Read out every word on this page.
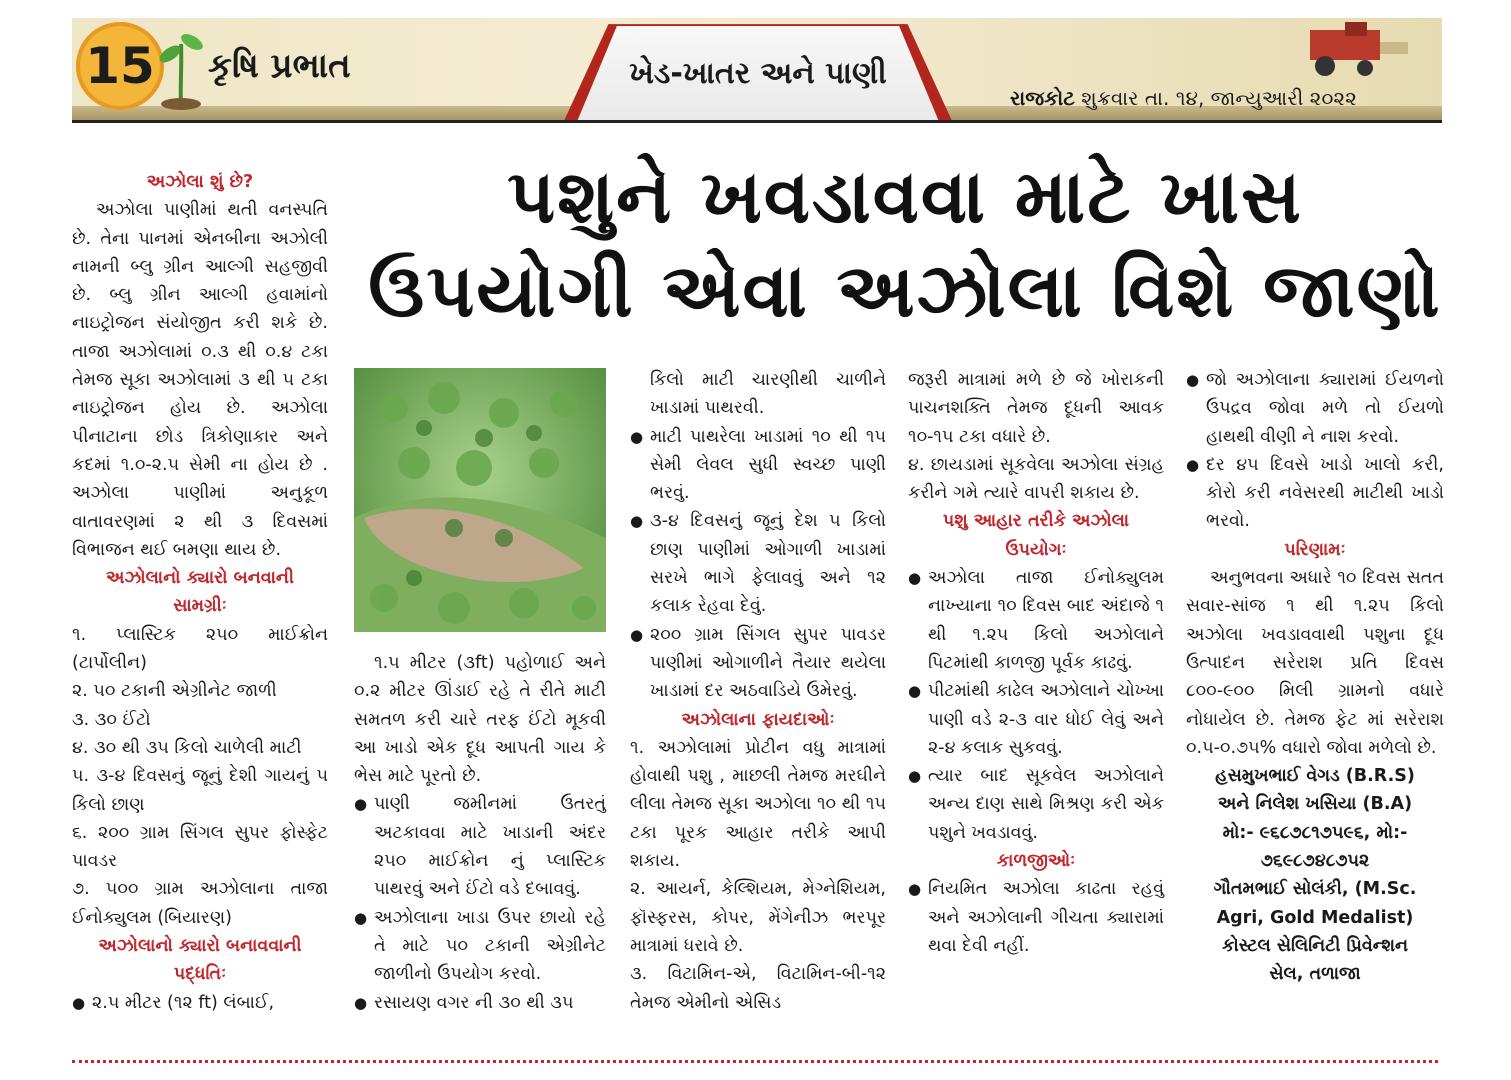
15 કૃષિ પ્રભાત	ખેડ-ખાતર અને પાણી
રાજકોટ શુક્રવાર તા. ૧૪, જાન્યુઆરી ૨૦૨૨
પશુને ખવડાવવા માટે ખાસ
ઉપયોગી એવા અઝોલા વિશે જાણો

અઝોલા શું છે?

અઝોલા પાણીમાં થતી વનસ્પતિ છે. તેના પાનમાં એનબીના અઝોલી નામની બ્લુ ગ્રીન આલ્ગી સહજીવી છે. બ્લુ ગ્રીન આલ્ગી હવામાંનો નાઇટ્રોજન સંયોજીત કરી શકે છે. તાજા અઝોલામાં ૦.૩ થી ૦.૪ ટકા તેમજ સૂકા અઝોલામાં ૩ થી ૫ ટકા નાઇટ્રોજન હોય છે. અઝોલા પીનાટાના છોડ ત્રિકોણાકાર અને કદમાં ૧.૦-૨.૫ સેમી ના હોય છે . અઝોલા પાણીમાં અનુકૂળ વાતાવરણમાં ૨ થી ૩ દિવસમાં વિભાજન થઈ બમણા થાય છે.

અઝોલાનો ક્યારો બનવાની

સામગ્રીઃ

૧. પ્લાસ્ટિક ૨૫૦ માઈક્રોન (ટાર્પોલીન)

૨. ૫૦ ટકાની એગ્રીનેટ જાળી

૩. ૩૦ ઈંટો

૪. ૩૦ થી ૩૫ કિલો ચાળેલી માટી

૫. ૩-૪ દિવસનું જૂનું દેશી ગાયનું ૫ કિલો છાણ

૬. ૨૦૦ ગ્રામ સિંગલ સુપર ફોસ્ફેટ પાવડર

૭. ૫૦૦ ગ્રામ અઝોલાના તાજા ઈનોક્યુલમ (બિયારણ)

અઝોલાનો ક્યારો બનાવવાની

પદ્ધતિઃ

● ૨.૫ મીટર (૧૨ ft) લંબાઈ,

૧.૫ મીટર (૩ft) પહોળાઈ અને ૦.૨ મીટર ઊંડાઈ રહે તે રીતે માટી સમતળ કરી ચારે તરફ ઈંટો મૂકવી આ ખાડો એક દૂધ આપતી ગાય કે ભેસ માટે પૂરતો છે.

● પાણી જમીનમાં ઉતરતું અટકાવવા માટે ખાડાની અંદર ૨૫૦ માઈક્રોન નું પ્લાસ્ટિક પાથરવું અને ઈંટો વડે દબાવવું.

● અઝોલાના ખાડા ઉપર છાયો રહે તે માટે ૫૦ ટકાની એગ્રીનેટ જાળીનો ઉપયોગ કરવો.

● રસાયણ વગર ની ૩૦ થી ૩૫

કિલો માટી ચારણીથી ચાળીને ખાડામાં પાથરવી.

● માટી પાથરેલા ખાડામાં ૧૦ થી ૧૫ સેમી લેવલ સુધી સ્વચ્છ પાણી ભરવું.

● ૩-૪ દિવસનું જૂનું દેશ ૫ કિલો છાણ પાણીમાં ઓગાળી ખાડામાં સરખે ભાગે ફેલાવવું અને ૧૨ કલાક રેહવા દેવું.

● ૨૦૦ ગ્રામ સિંગલ સુપર પાવડર પાણીમાં ઓગાળીને તૈયાર થયેલા ખાડામાં દર અઠવાડિયે ઉમેરવું.

અઝોલાના ફાયદાઓઃ

૧. અઝોલામાં પ્રોટીન વધુ માત્રામાં હોવાથી પશુ , માછલી તેમજ મરઘીને લીલા તેમજ સૂકા અઝોલા ૧૦ થી ૧૫ ટકા પૂરક આહાર તરીકે આપી શકાય.

૨. આયર્ન, કેલ્શિયમ, મેગ્નેશિયમ, ફૉસ્ફરસ, કોપર, મેંગેનીઝ ભરપૂર માત્રામાં ધરાવે છે.

૩. વિટામિન-એ, વિટામિન-બી-૧૨ તેમજ એમીનો એસિડ

જરૂરી માત્રામાં મળે છે જે ખોરાકની પાચનશક્તિ તેમજ દૂધની આવક ૧૦-૧૫ ટકા વધારે છે.

૪. છાયડામાં સૂકવેલા અઝોલા સંગ્રહ કરીને ગમે ત્યારે વાપરી શકાય છે.

પશુ આહાર તરીકે અઝોલા

ઉપયોગઃ

● અઝોલા તાજા ઈનોક્યુલમ નાખ્યાના ૧૦ દિવસ બાદ અંદાજે ૧ થી ૧.૨૫ કિલો અઝોલાને પિટમાંથી કાળજી પૂર્વક કાઢવું.

● પીટમાંથી કાઢેલ અઝોલાને ચોખ્ખા પાણી વડે ૨-૩ વાર ધોઈ લેવું અને ૨-૪ કલાક સુકવવું.

● ત્યાર બાદ સૂકવેલ અઝોલાને અન્ય દાણ સાથે મિશ્રણ કરી એક પશુને ખવડાવવું.

કાળજીઓઃ

● નિયમિત અઝોલા કાઢતા રહવું અને અઝોલાની ગીચતા ક્યારામાં થવા દેવી નહીં.

● જો અઝોલાના ક્યારામાં ઈયળનો ઉપદ્રવ જોવા મળે તો ઈયળો હાથથી વીણી ને નાશ કરવો.

● દર ૪૫ દિવસે ખાડો ખાલો કરી, કોરો કરી નવેસરથી માટીથી ખાડો ભરવો.

પરિણામઃ

અનુભવના અધારે ૧૦ દિવસ સતત સવાર-સાંજ ૧ થી ૧.૨૫ કિલો અઝોલા ખવડાવવાથી પશુના દૂધ ઉત્પાદન સરેરાશ પ્રતિ દિવસ ૮૦૦-૯૦૦ મિલી ગ્રામનો વધારે નોધાયેલ છે. તેમજ ફેટ માં સરેરાશ ૦.૫-૦.૭૫% વધારો જોવા મળેલો છે.

હસમુખભાઈ વેગડ (B.R.S)

અને નિલેશ ખસિયા (B.A)

મો:- ૯૬૮૭૮૧૭૫૯૬, મો:-

૭૬૯૮૭૪૮૭૫૨

ગૌતમભાઈ સોલંકી, (M.Sc.

Agri, Gold Medalist)

કોસ્ટલ સેલિનિટી પ્રિવેન્શન

સેલ, તળાજા
